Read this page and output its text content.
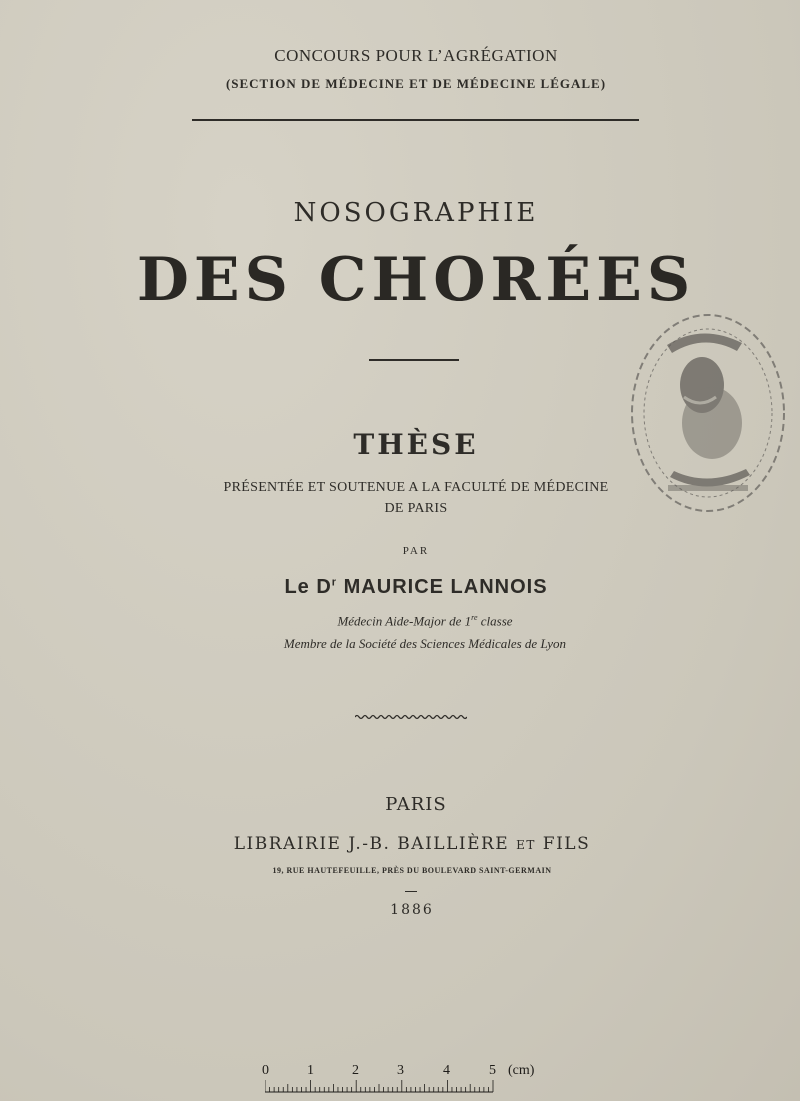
CONCOURS POUR L’AGRÉGATION
(SECTION DE MÉDECINE ET DE MÉDECINE LÉGALE)
NOSOGRAPHIE
DES CHORÉES
THÈSE
PRÉSENTÉE ET SOUTENUE A LA FACULTÉ DE MÉDECINE
DE PARIS
PAR
Le $D^r$ MAURICE LANNOIS
Médecin Aide-Major de 1re classe
Membre de la Société des Sciences Médicales de Lyon
PARIS
LIBRAIRIE J.-B. BAILLIÈRE ET FILS
19, RUE HAUTEFEUILLE, PRÈS DU BOULEVARD SAINT-GERMAIN
1886
0	1	2	3	4	5 (cm)
